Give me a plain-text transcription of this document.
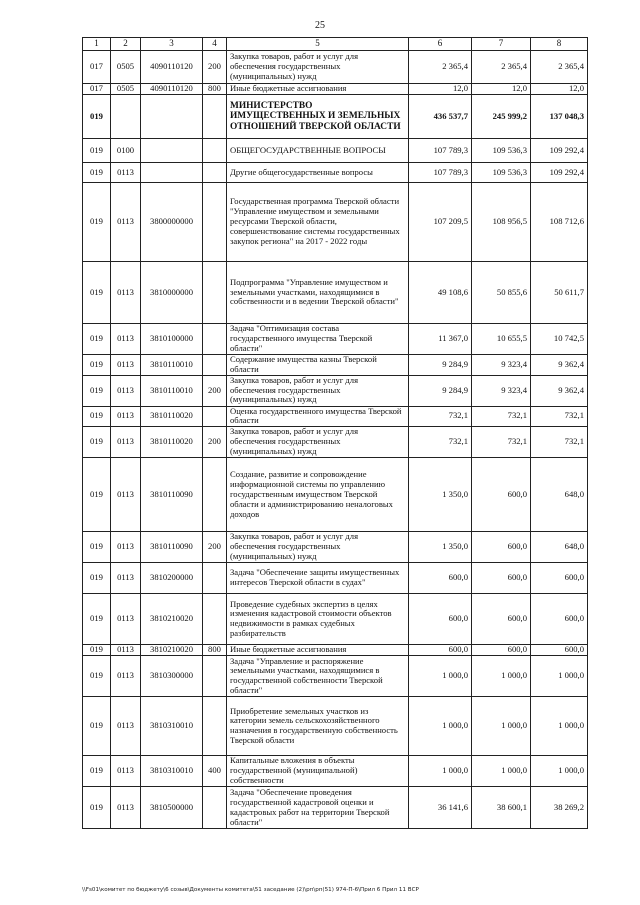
25
1	2	3	4	5	6	7	8
017	0505	4090110120	200	Закупка товаров, работ и услуг для обеспечения государственных (муниципальных) нужд	2 365,4	2 365,4	2 365,4
017	0505	4090110120	800	Иные бюджетные ассигнования	12,0	12,0	12,0
019				МИНИСТЕРСТВО ИМУЩЕСТВЕННЫХ И ЗЕМЕЛЬНЫХ ОТНОШЕНИЙ ТВЕРСКОЙ ОБЛАСТИ	436 537,7	245 999,2	137 048,3
019	0100			ОБЩЕГОСУДАРСТВЕННЫЕ ВОПРОСЫ	107 789,3	109 536,3	109 292,4
019	0113			Другие общегосударственные вопросы	107 789,3	109 536,3	109 292,4
019	0113	3800000000		Государственная программа Тверской области "Управление имуществом и земельными ресурсами Тверской области, совершенствование системы государственных закупок региона" на 2017 - 2022 годы	107 209,5	108 956,5	108 712,6
019	0113	3810000000		Подпрограмма "Управление имуществом и земельными участками, находящимися в собственности и в ведении Тверской области"	49 108,6	50 855,6	50 611,7
019	0113	3810100000		Задача "Оптимизация состава государственного имущества Тверской области"	11 367,0	10 655,5	10 742,5
019	0113	3810110010		Содержание имущества казны Тверской области	9 284,9	9 323,4	9 362,4
019	0113	3810110010	200	Закупка товаров, работ и услуг для обеспечения государственных (муниципальных) нужд	9 284,9	9 323,4	9 362,4
019	0113	3810110020		Оценка государственного имущества Тверской области	732,1	732,1	732,1
019	0113	3810110020	200	Закупка товаров, работ и услуг для обеспечения государственных (муниципальных) нужд	732,1	732,1	732,1
019	0113	3810110090		Создание, развитие и сопровождение информационной системы по управлению государственным имуществом Тверской области и администрированию неналоговых доходов	1 350,0	600,0	648,0
019	0113	3810110090	200	Закупка товаров, работ и услуг для обеспечения государственных (муниципальных) нужд	1 350,0	600,0	648,0
019	0113	3810200000		Задача "Обеспечение защиты имущественных интересов Тверской области в судах"	600,0	600,0	600,0
019	0113	3810210020		Проведение судебных экспертиз в целях изменения кадастровой стоимости объектов недвижимости в рамках судебных разбирательств	600,0	600,0	600,0
019	0113	3810210020	800	Иные бюджетные ассигнования	600,0	600,0	600,0
019	0113	3810300000		Задача "Управление и распоряжение земельными участками, находящимися в государственной собственности Тверской области"	1 000,0	1 000,0	1 000,0
019	0113	3810310010		Приобретение земельных участков из категории земель сельскохозяйственного назначения в государственную собственность Тверской области	1 000,0	1 000,0	1 000,0
019	0113	3810310010	400	Капитальные вложения в объекты государственной (муниципальной) собственности	1 000,0	1 000,0	1 000,0
019	0113	3810500000		Задача "Обеспечение проведения государственной кадастровой оценки и кадастровых работ на территории Тверской области"	36 141,6	38 600,1	38 269,2
\\Fs01\комитет по бюджету\6 созыв\Документы комитета\51 заседание (2)\рп\рп(51) 974-П-6\Прил 6 Прил 11 ВСР
